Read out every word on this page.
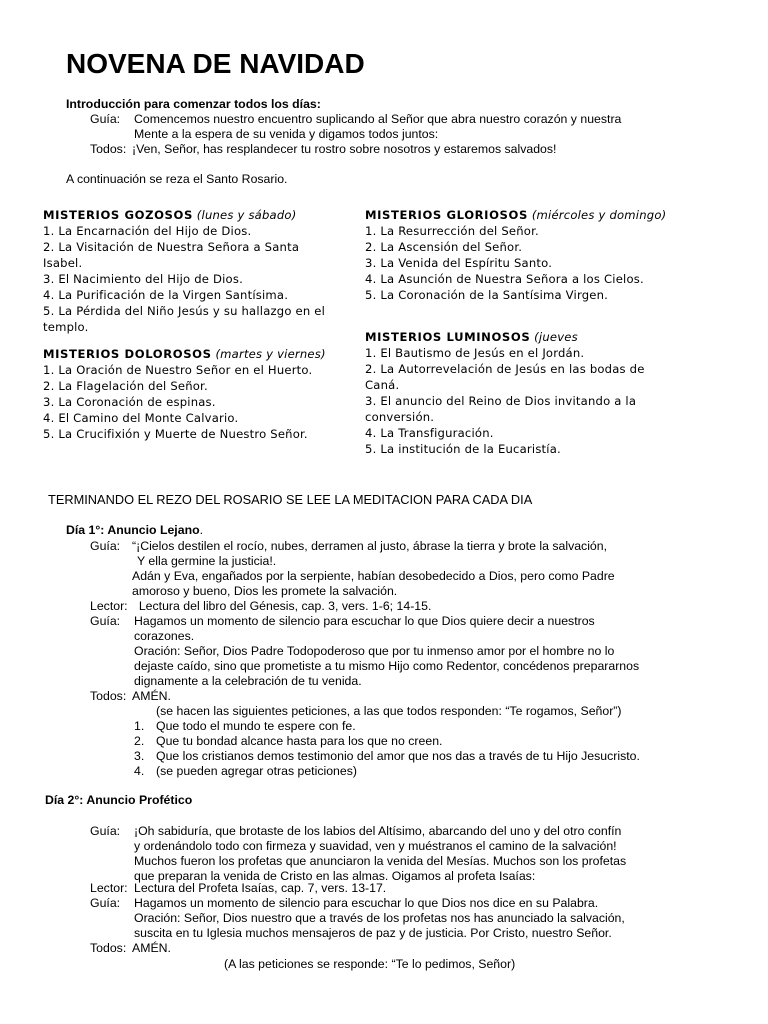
NOVENA DE NAVIDAD
Introducción para comenzar todos los días:
Guía: Comencemos nuestro encuentro suplicando al Señor que abra nuestro corazón y nuestra
Mente a la espera de su venida y digamos todos juntos:
Todos: ¡Ven, Señor, has resplandecer tu rostro sobre nosotros y estaremos salvados!
A continuación se reza el Santo Rosario.
MISTERIOS GOZOSOS (lunes y sábado)
1. La Encarnación del Hijo de Dios.
2. La Visitación de Nuestra Señora a Santa
Isabel.
3. El Nacimiento del Hijo de Dios.
4. La Purificación de la Virgen Santísima.
5. La Pérdida del Niño Jesús y su hallazgo en el
templo.
MISTERIOS DOLOROSOS (martes y viernes)
1. La Oración de Nuestro Señor en el Huerto.
2. La Flagelación del Señor.
3. La Coronación de espinas.
4. El Camino del Monte Calvario.
5. La Crucifixión y Muerte de Nuestro Señor.
MISTERIOS GLORIOSOS (miércoles y domingo)
1. La Resurrección del Señor.
2. La Ascensión del Señor.
3. La Venida del Espíritu Santo.
4. La Asunción de Nuestra Señora a los Cielos.
5. La Coronación de la Santísima Virgen.
MISTERIOS LUMINOSOS (jueves
1. El Bautismo de Jesús en el Jordán.
2. La Autorrevelación de Jesús en las bodas de
Caná.
3. El anuncio del Reino de Dios invitando a la
conversión.
4. La Transfiguración.
5. La institución de la Eucaristía.
TERMINANDO EL REZO DEL ROSARIO SE LEE LA MEDITACION PARA CADA DIA
Día 1°: Anuncio Lejano.
Guía: “¡Cielos destilen el rocío, nubes, derramen al justo, ábrase la tierra y brote la salvación,
Y ella germine la justicia!.
Adán y Eva, engañados por la serpiente, habían desobedecido a Dios, pero como Padre
amoroso y bueno, Dios les promete la salvación.
Lector: Lectura del libro del Génesis, cap. 3, vers. 1-6; 14-15.
Guía: Hagamos un momento de silencio para escuchar lo que Dios quiere decir a nuestros
corazones.
Oración: Señor, Dios Padre Todopoderoso que por tu inmenso amor por el hombre no lo
dejaste caído, sino que prometiste a tu mismo Hijo como Redentor, concédenos prepararnos
dignamente a la celebración de tu venida.
Todos: AMÉN.
(se hacen las siguientes peticiones, a las que todos responden: “Te rogamos, Señor”)
1. Que todo el mundo te espere con fe.
2. Que tu bondad alcance hasta para los que no creen.
3. Que los cristianos demos testimonio del amor que nos das a través de tu Hijo Jesucristo.
4. (se pueden agregar otras peticiones)
Día 2°: Anuncio Profético
Guía: ¡Oh sabiduría, que brotaste de los labios del Altísimo, abarcando del uno y del otro confín
y ordenándolo todo con firmeza y suavidad, ven y muéstranos el camino de la salvación!
Muchos fueron los profetas que anunciaron la venida del Mesías. Muchos son los profetas
que preparan la venida de Cristo en las almas. Oigamos al profeta Isaías:
Lector: Lectura del Profeta Isaías, cap. 7, vers. 13-17.
Guía: Hagamos un momento de silencio para escuchar lo que Dios nos dice en su Palabra.
Oración: Señor, Dios nuestro que a través de los profetas nos has anunciado la salvación,
suscita en tu Iglesia muchos mensajeros de paz y de justicia. Por Cristo, nuestro Señor.
Todos: AMÉN.
(A las peticiones se responde: “Te lo pedimos, Señor)
